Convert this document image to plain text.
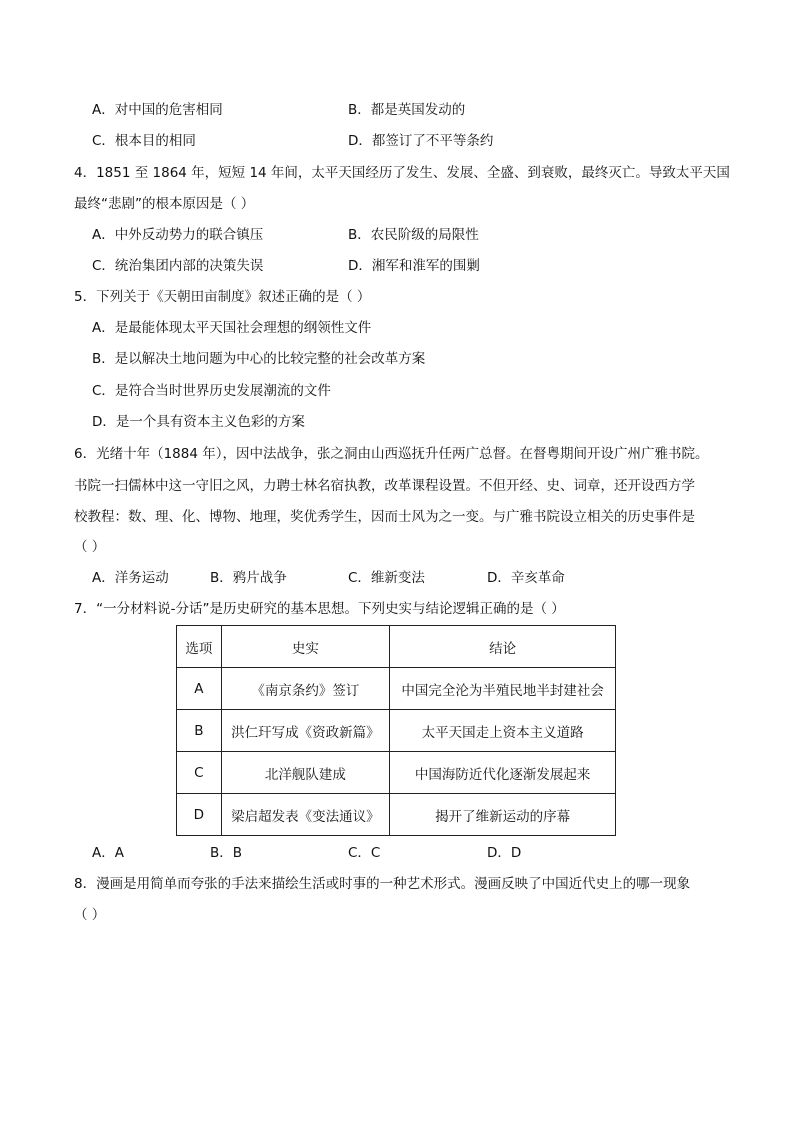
A．对中国的危害相同	B．都是英国发动的
C．根本目的相同	D．都签订了不平等条约
4．1851 至 1864 年，短短 14 年间，太平天国经历了发生、发展、全盛、到衰败，最终灭亡。导致太平天国
最终“悲剧”的根本原因是（ ）
A．中外反动势力的联合镇压	B．农民阶级的局限性
C．统治集团内部的决策失误	D．湘军和淮军的围剿
5．下列关于《天朝田亩制度》叙述正确的是（ ）
A．是最能体现太平天国社会理想的纲领性文件
B．是以解决土地问题为中心的比较完整的社会改革方案
C．是符合当时世界历史发展潮流的文件
D．是一个具有资本主义色彩的方案
6．光绪十年（1884 年），因中法战争，张之洞由山西巡抚升任两广总督。在督粤期间开设广州广雅书院。
书院一扫儒林中这一守旧之风，力聘士林名宿执教，改革课程设置。不但开经、史、词章，还开设西方学
校教程：数、理、化、博物、地理，奖优秀学生，因而士风为之一变。与广雅书院设立相关的历史事件是
（ ）
A．洋务运动	B．鸦片战争	C．维新变法	D．辛亥革命
7．“一分材料说-分话”是历史研究的基本思想。下列史实与结论逻辑正确的是（ ）
选项	史实	结论
A	《南京条约》签订	中国完全沦为半殖民地半封建社会
B	洪仁玕写成《资政新篇》	太平天国走上资本主义道路
C	北洋舰队建成	中国海防近代化逐渐发展起来
D	梁启超发表《变法通议》	揭开了维新运动的序幕
A．A	B．B	C．C	D．D
8．漫画是用简单而夸张的手法来描绘生活或时事的一种艺术形式。漫画反映了中国近代史上的哪一现象
（ ）
